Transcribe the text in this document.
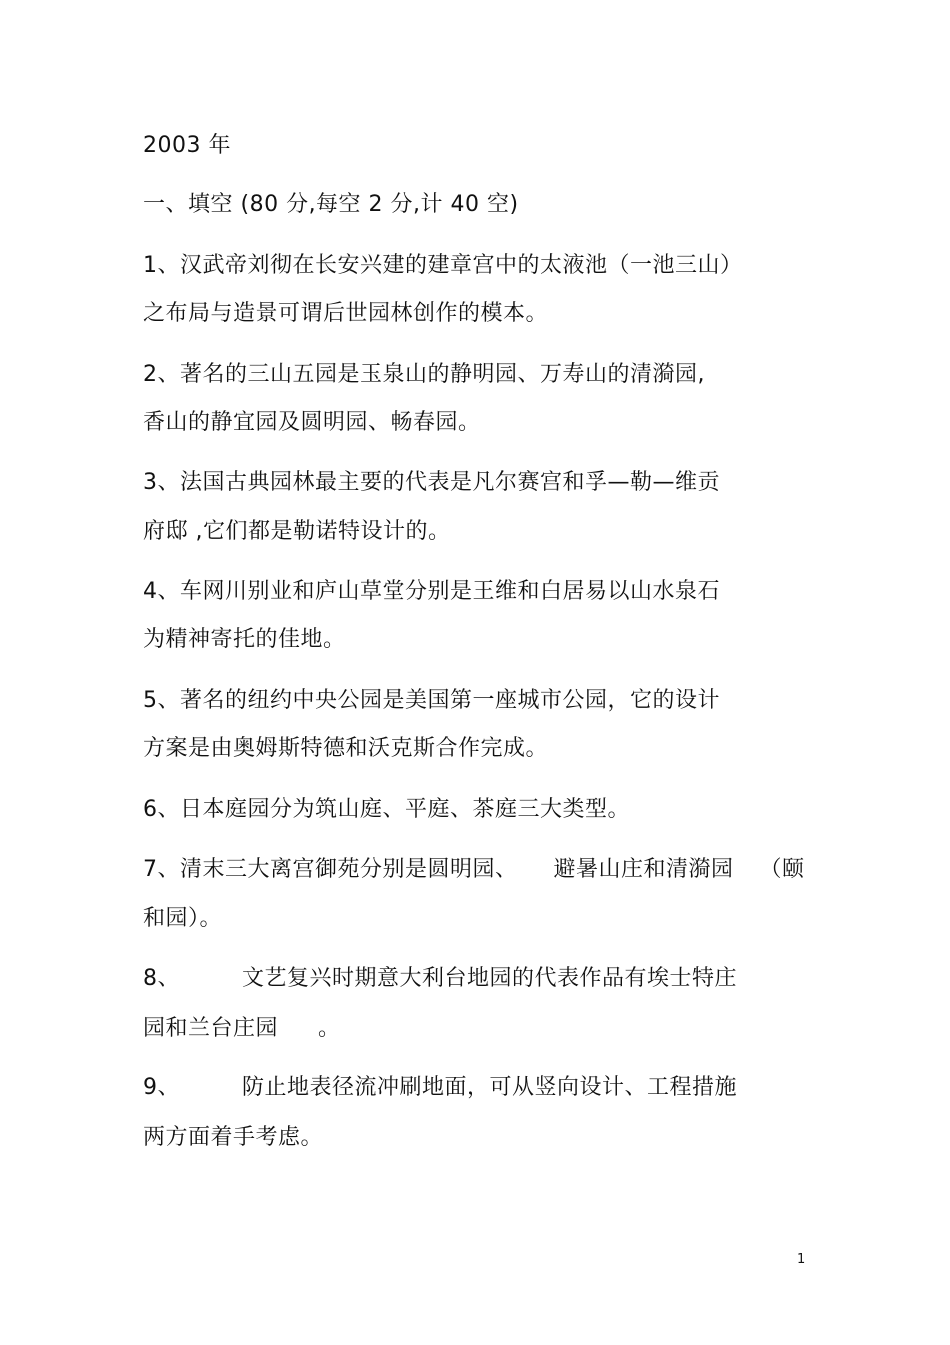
2003 年
一、填空 (80 分,每空 2 分,计 40 空)
1、汉武帝刘彻在长安兴建的建章宫中的太液池（一池三山）
之布局与造景可谓后世园林创作的模本。
2、著名的三山五园是玉泉山的静明园、万寿山的清漪园,
香山的静宜园及圆明园、畅春园。
3、法国古典园林最主要的代表是凡尔赛宫和孚—勒—维贡
府邸 ,它们都是勒诺特设计的。
4、车网川别业和庐山草堂分别是王维和白居易以山水泉石
为精神寄托的佳地。
5、著名的纽约中央公园是美国第一座城市公园，它的设计
方案是由奥姆斯特德和沃克斯合作完成。
6、日本庭园分为筑山庭、平庭、茶庭三大类型。
7、清末三大离宫御苑分别是圆明园、 避暑山庄和清漪园 （颐
和园）。
8、	文艺复兴时期意大利台地园的代表作品有埃士特庄
园和兰台庄园 。
9、	防止地表径流冲刷地面，可从竖向设计、工程措施
两方面着手考虑。
1
